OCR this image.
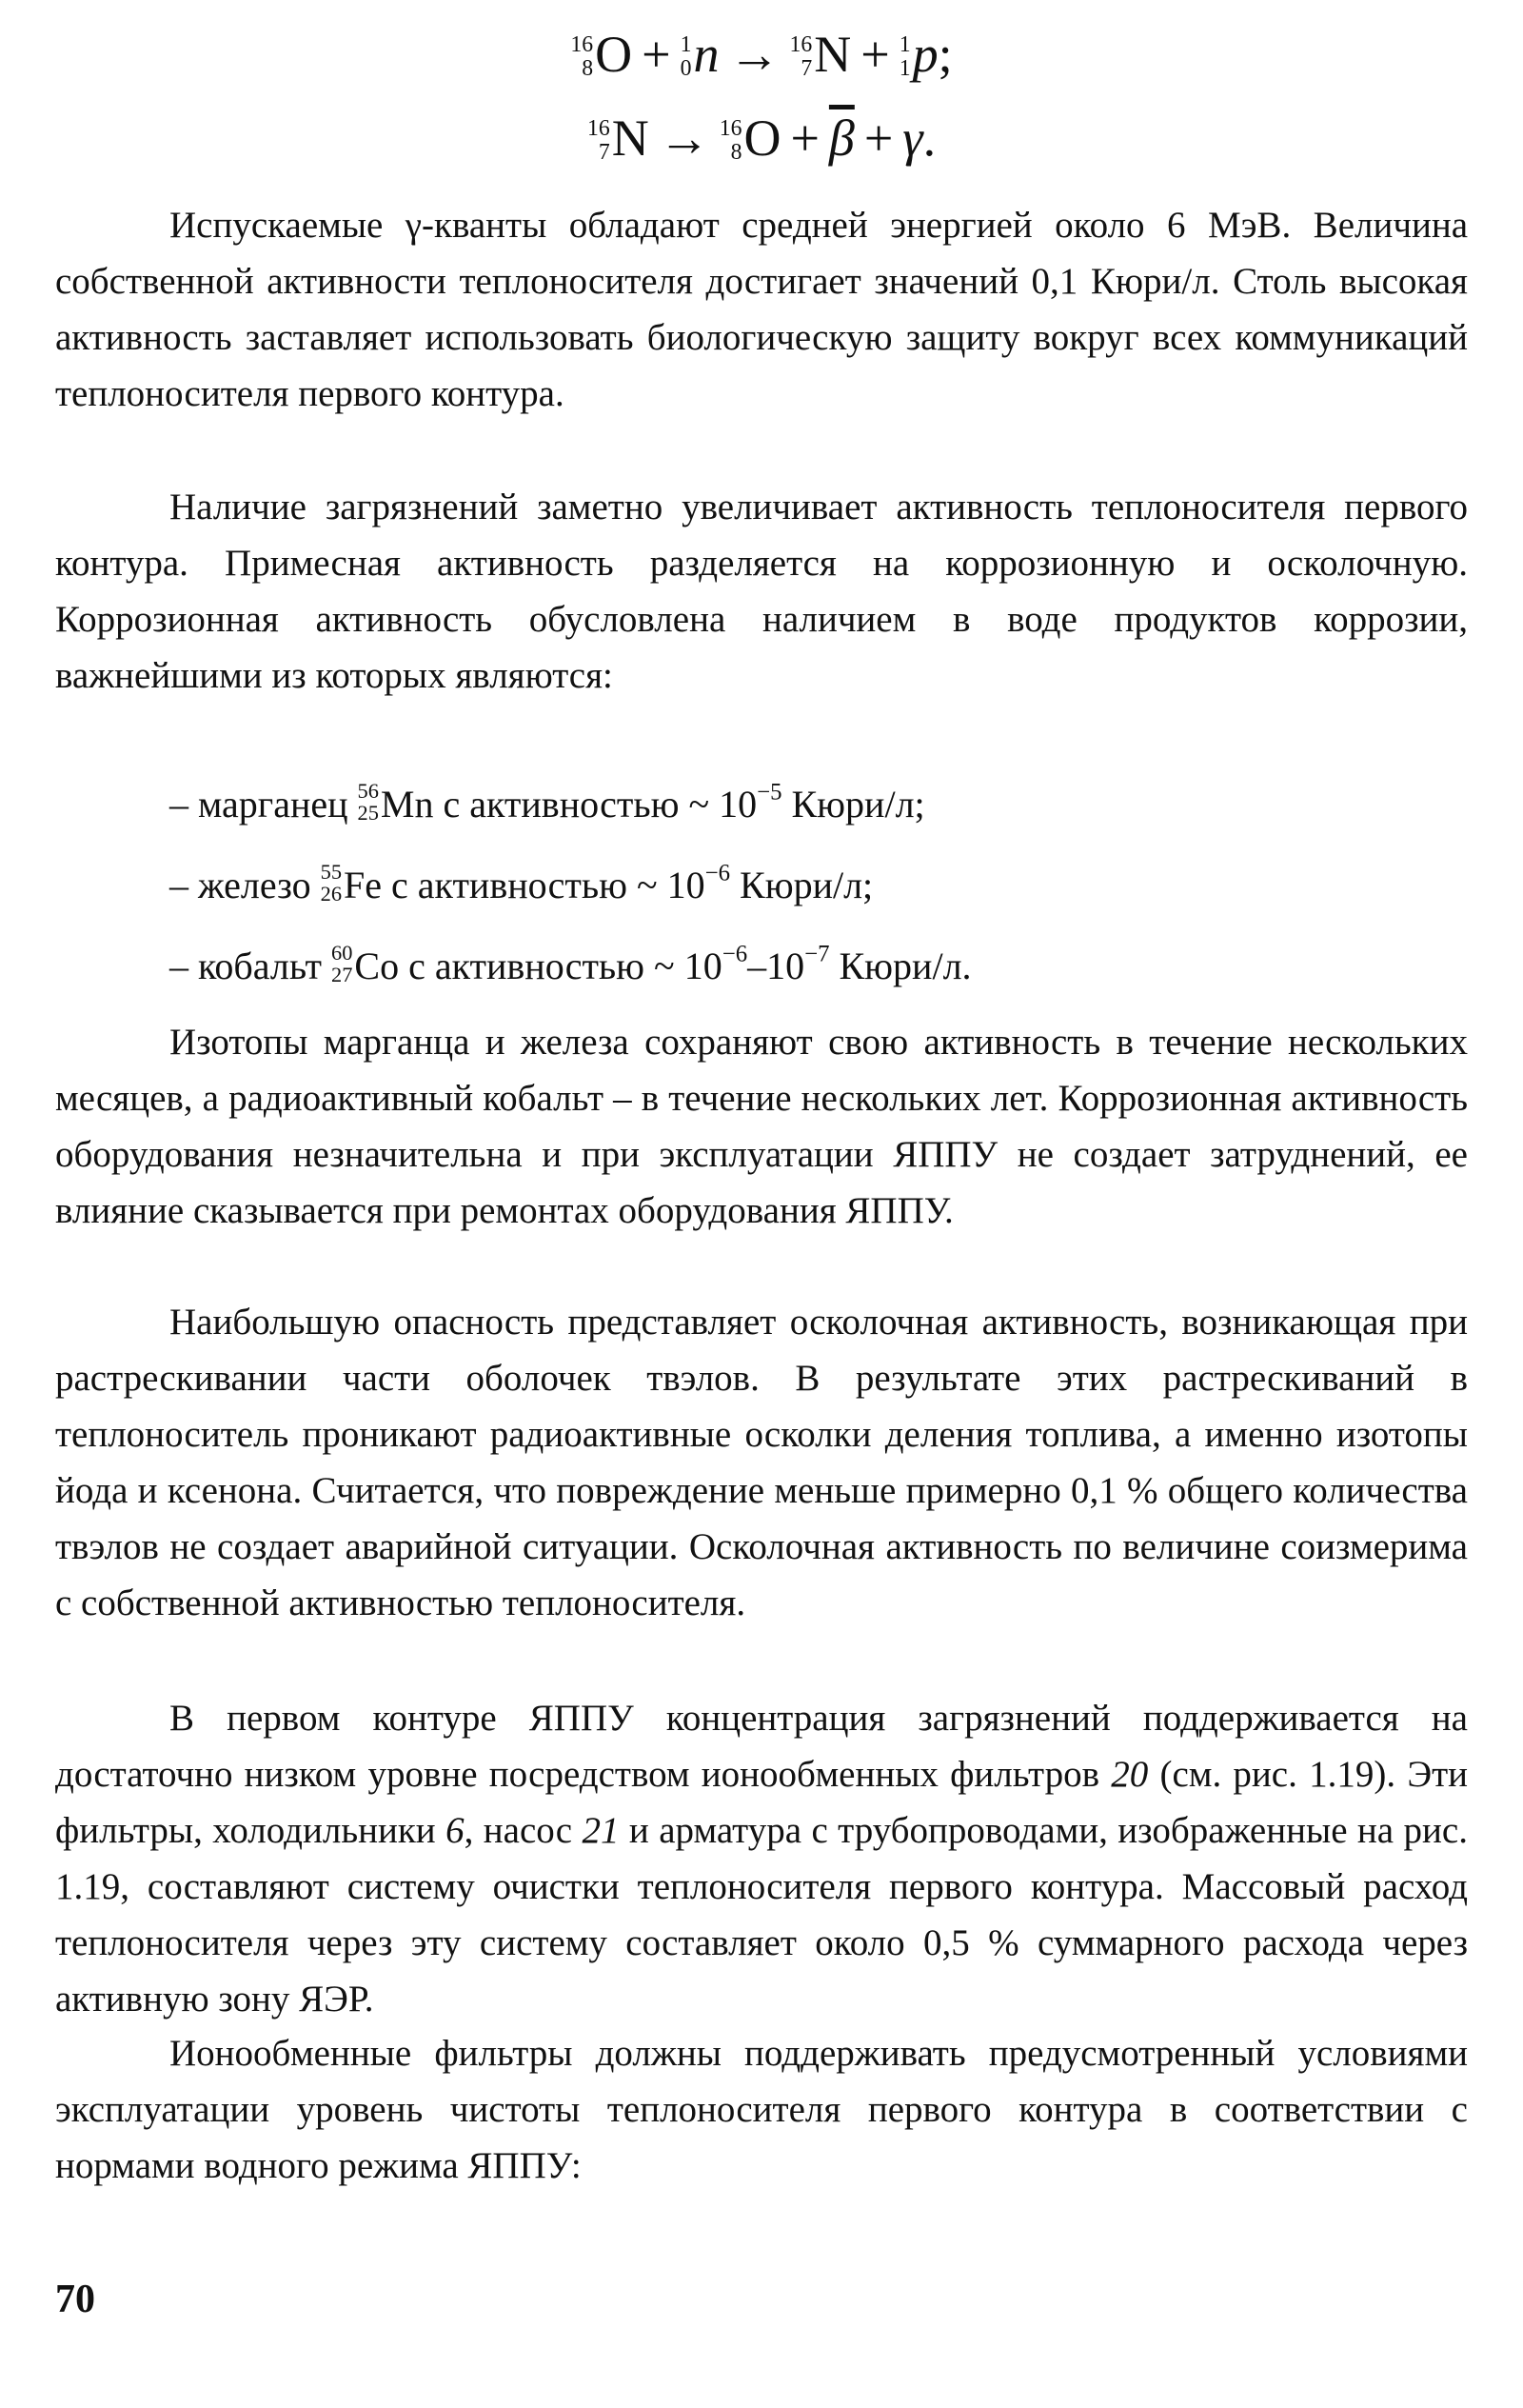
16
8 O + 1
0 n → 16
7 N + 1
1 p;
16
7 N → 16
8 $O + \overline{\beta} + \gamma$.

Испускаемые γ-кванты обладают средней энергией около 6 МэВ. Величина собственной активности теплоносителя достигает значений 0,1 Кюри/л. Столь высокая активность заставляет использовать биологическую защиту вокруг всех коммуникаций теплоносителя первого контура.

Наличие загрязнений заметно увеличивает активность теплоносителя первого контура. Примесная активность разделяется на коррозионную и осколочную. Коррозионная активность обусловлена наличием в воде продуктов коррозии, важнейшими из которых являются:

– марганец 56
25 Mn с активностью ~ $10^{-5}$ Кюри/л;
– железо 55
26 Fe с активностью ~ $10^{-6}$ Кюри/л;
– кобальт 60
27 Co с активностью ~ $10^{-6}-10^{-7}$ Кюри/л.

Изотопы марганца и железа сохраняют свою активность в течение нескольких месяцев, а радиоактивный кобальт – в течение нескольких лет. Коррозионная активность оборудования незначительна и при эксплуатации ЯППУ не создает затруднений, ее влияние сказывается при ремонтах оборудования ЯППУ.

Наибольшую опасность представляет осколочная активность, возникающая при растрескивании части оболочек твэлов. В результате этих растрескиваний в теплоноситель проникают радиоактивные осколки деления топлива, а именно изотопы йода и ксенона. Считается, что повреждение меньше примерно 0,1 % общего количества твэлов не создает аварийной ситуации. Осколочная активность по величине соизмерима с собственной активностью теплоносителя.

В первом контуре ЯППУ концентрация загрязнений поддерживается на достаточно низком уровне посредством ионообменных фильтров 20 (см. рис. 1.19). Эти фильтры, холодильники 6, насос 21 и арматура с трубопроводами, изображенные на рис. 1.19, составляют систему очистки теплоносителя первого контура. Массовый расход теплоносителя через эту систему составляет около 0,5 % суммарного расхода через активную зону ЯЭР.

Ионообменные фильтры должны поддерживать предусмотренный условиями эксплуатации уровень чистоты теплоносителя первого контура в соответствии с нормами водного режима ЯППУ:

70
